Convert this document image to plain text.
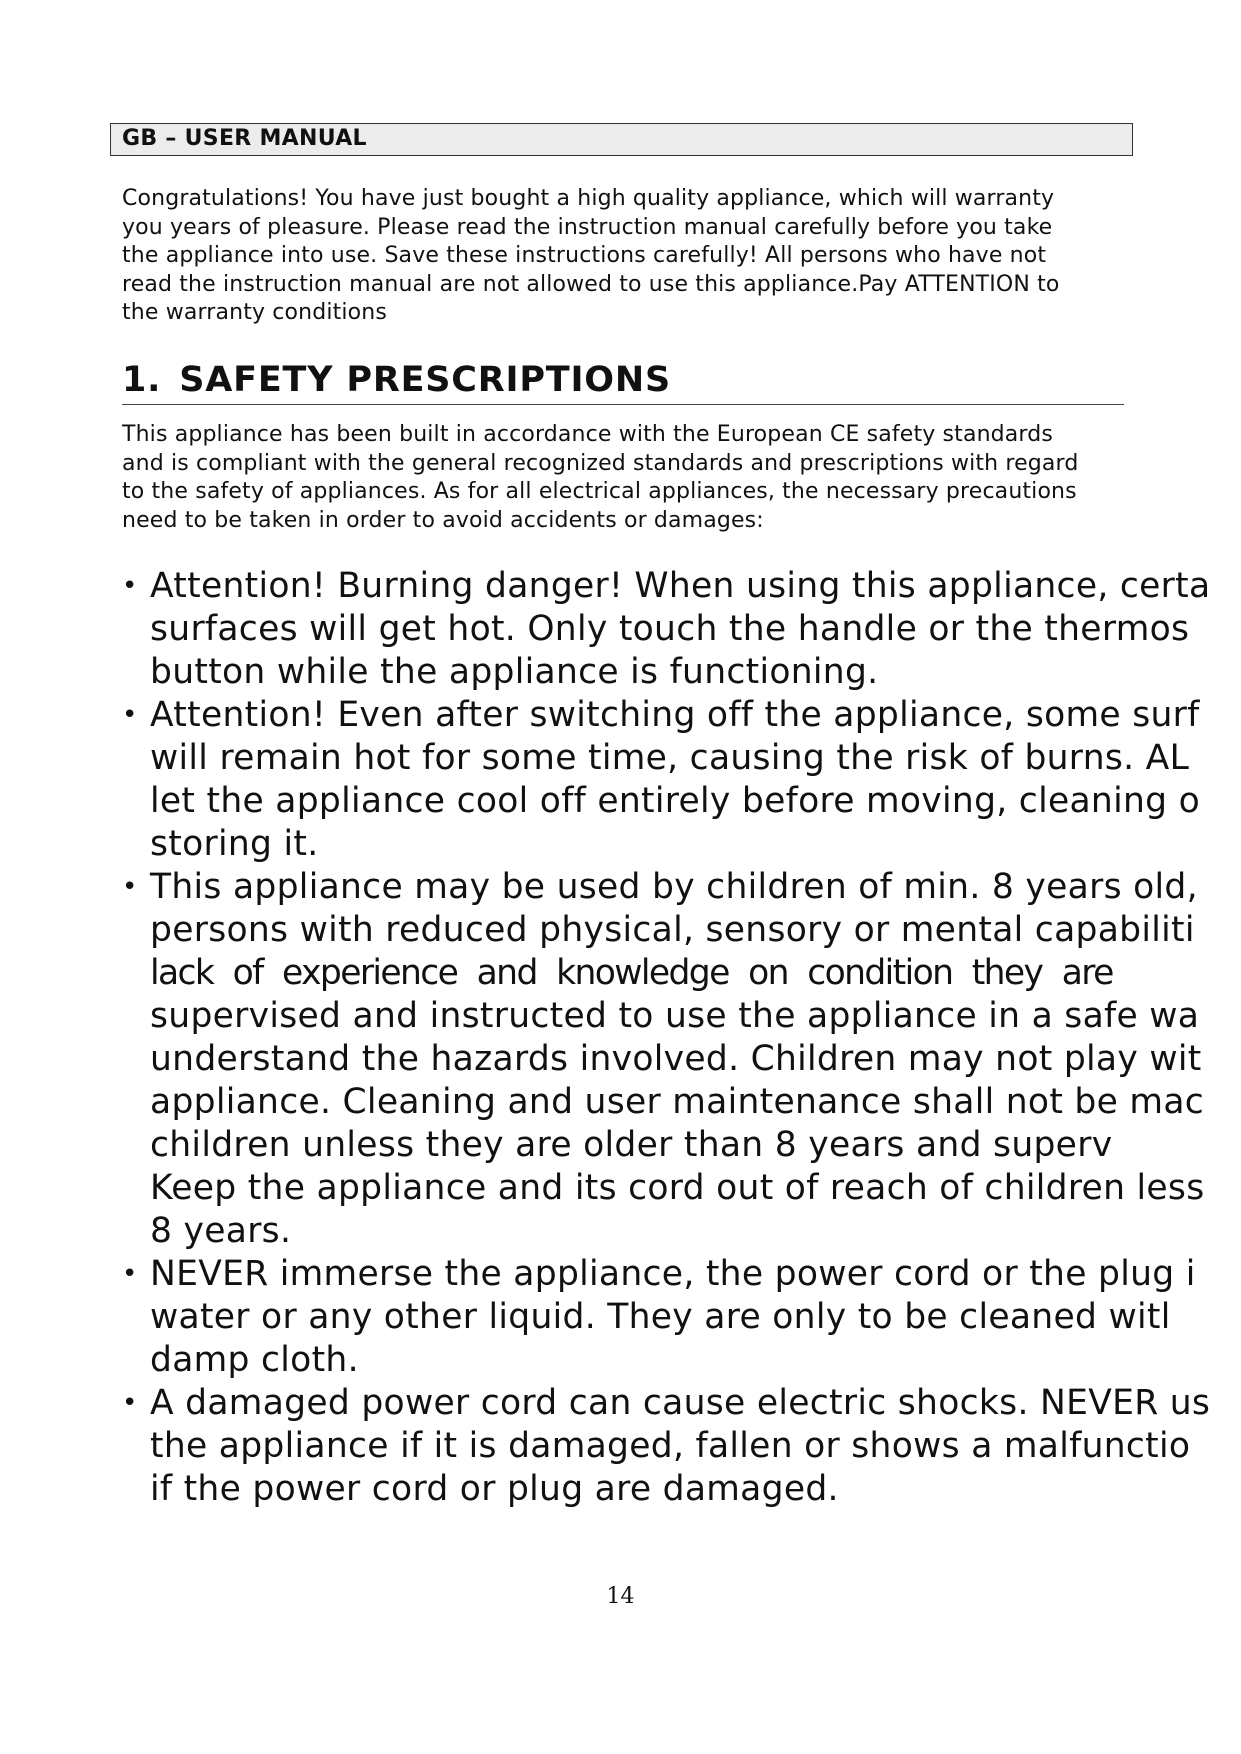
GB – USER MANUAL

Congratulations! You have just bought a high quality appliance, which will warranty
you years of pleasure. Please read the instruction manual carefully before you take
the appliance into use. Save these instructions carefully! All persons who have not
read the instruction manual are not allowed to use this appliance.Pay ATTENTION to
the warranty conditions

1. SAFETY PRESCRIPTIONS

This appliance has been built in accordance with the European CE safety standards
and is compliant with the general recognized standards and prescriptions with regard
to the safety of appliances. As for all electrical appliances, the necessary precautions
need to be taken in order to avoid accidents or damages:

• Attention! Burning danger! When using this appliance, certa
surfaces will get hot. Only touch the handle or the thermos
button while the appliance is functioning.
• Attention! Even after switching off the appliance, some surf
will remain hot for some time, causing the risk of burns. AL
let the appliance cool off entirely before moving, cleaning o
storing it.
• This appliance may be used by children of min. 8 years old,
persons with reduced physical, sensory or mental capabiliti
lack of experience and knowledge on condition they are
supervised and instructed to use the appliance in a safe wa
understand the hazards involved. Children may not play wit
appliance. Cleaning and user maintenance shall not be mac
children unless they are older than 8 years and superv
Keep the appliance and its cord out of reach of children less
8 years.
• NEVER immerse the appliance, the power cord or the plug i
water or any other liquid. They are only to be cleaned witl
damp cloth.
• A damaged power cord can cause electric shocks. NEVER us
the appliance if it is damaged, fallen or shows a malfunctio
if the power cord or plug are damaged.
14
